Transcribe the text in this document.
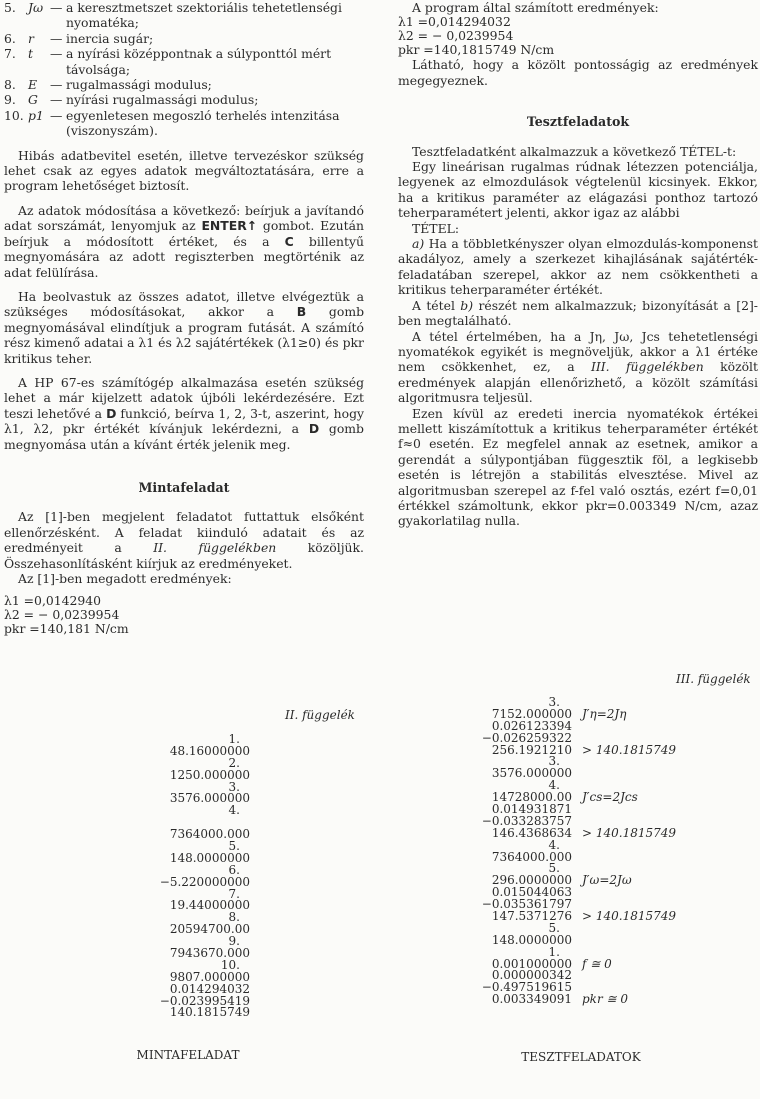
5. Jω — a keresztmetszet szektoriális tehetetlenségi nyomatéka;
6. r	— inercia sugár;
7. t	— a nyírási középpontnak a súlyponttól mért távolsága;
8. E	— rugalmassági modulus;
9. G — nyírási rugalmassági modulus;
10. p1 — egyenletesen megoszló terhelés intenzitása (viszonyszám).

Hibás adatbevitel esetén, illetve tervezéskor szükség lehet csak az egyes adatok megváltoztatására, erre a program lehetőséget biztosít.

Az adatok módosítása a következő: beírjuk a javítandó adat sorszámát, lenyomjuk az ENTER↑ gombot. Ezután beírjuk a módosított értéket, és a C billentyű megnyomására az adott regiszterben megtörténik az adat felülírása.

Ha beolvastuk az összes adatot, illetve elvégeztük a szükséges módosításokat, akkor a B gomb megnyomásával elindítjuk a program futását. A számító rész kimenő adatai a λ1 és λ2 sajátértékek (λ1≥0) és pkr kritikus teher.

A HP 67-es számítógép alkalmazása esetén szükség lehet a már kijelzett adatok újbóli lekérdezésére. Ezt teszi lehetővé a D funkció, beírva 1, 2, 3-t, aszerint, hogy λ1, λ2, pkr értékét kívánjuk lekérdezni, a D gomb megnyomása után a kívánt érték jelenik meg.

Mintafeladat

Az [1]-ben megjelent feladatot futtattuk elsőként ellenőrzésként. A feladat kiinduló adatait és az eredményeit a II. függelékben közöljük. Összehasonlításként kiírjuk az eredményeket.

Az [1]-ben megadott eredmények:

λ1 =0,0142940
λ2 = − 0,0239954
pkr =140,181 N/cm

A program által számított eredmények:

λ1 =0,014294032
λ2 = − 0,0239954
pkr =140,1815749 N/cm

Látható, hogy a közölt pontosságig az eredmények megegyeznek.

Tesztfeladatok

Tesztfeladatként alkalmazzuk a következő TÉTEL-t:

Egy lineárisan rugalmas rúdnak létezzen potenciálja, legyenek az elmozdulások végtelenül kicsinyek. Ekkor, ha a kritikus paraméter az elágazási ponthoz tartozó teherparamétert jelenti, akkor igaz az alábbi

TÉTEL:

a) Ha a többletkényszer olyan elmozdulás-komponenst akadályoz, amely a szerkezet kihajlásának sajátérték-feladatában szerepel, akkor az nem csökkentheti a kritikus teherparaméter értékét.

A tétel b) részét nem alkalmazzuk; bizonyítását a [2]-ben megtalálható.

A tétel értelmében, ha a Jη, Jω, Jcs tehetetlenségi nyomatékok egyikét is megnöveljük, akkor a λ1 értéke nem csökkenhet, ez, a III. függelékben közölt eredmények alapján ellenőrizhető, a közölt számítási algoritmusra teljesül.

Ezen kívül az eredeti inercia nyomatékok értékei mellett kiszámítottuk a kritikus teherparaméter értékét f≈0 esetén. Ez megfelel annak az esetnek, amikor a gerendát a súlypontjában függesztik föl, a legkisebb esetén is létrejön a stabilitás elvesztése. Mivel az algoritmusban szerepel az f-fel való osztás, ezért f=0,01 értékkel számoltunk, ekkor pkr=0.003349 N/cm, azaz gyakorlatilag nulla.

II. függelék
III. függelék
1.
48.16000000
2.
1250.000000
3.
3576.000000
4.
7364000.000
5.
148.0000000
6.
−5.220000000
7.
19.44000000
8.
20594700.00
9.
7943670.000
10.
9807.000000
0.014294032
−0.023995419
140.1815749
MINTAFELADAT
3.
7152.000000 J′η=2Jη
0.026123394
−0.026259322
256.1921210 > 140.1815749
3.
3576.000000
4.
14728000.00 J′cs=2Jcs
0.014931871
−0.033283757
146.4368634 > 140.1815749
4.
7364000.000
5.
296.0000000 J′ω=2Jω
0.015044063
−0.035361797
147.5371276 > 140.1815749
5.
148.0000000
1.
0.001000000 f ≅ 0
0.000000342
−0.497519615
0.003349091 pkr ≅ 0
TESZTFELADATOK
